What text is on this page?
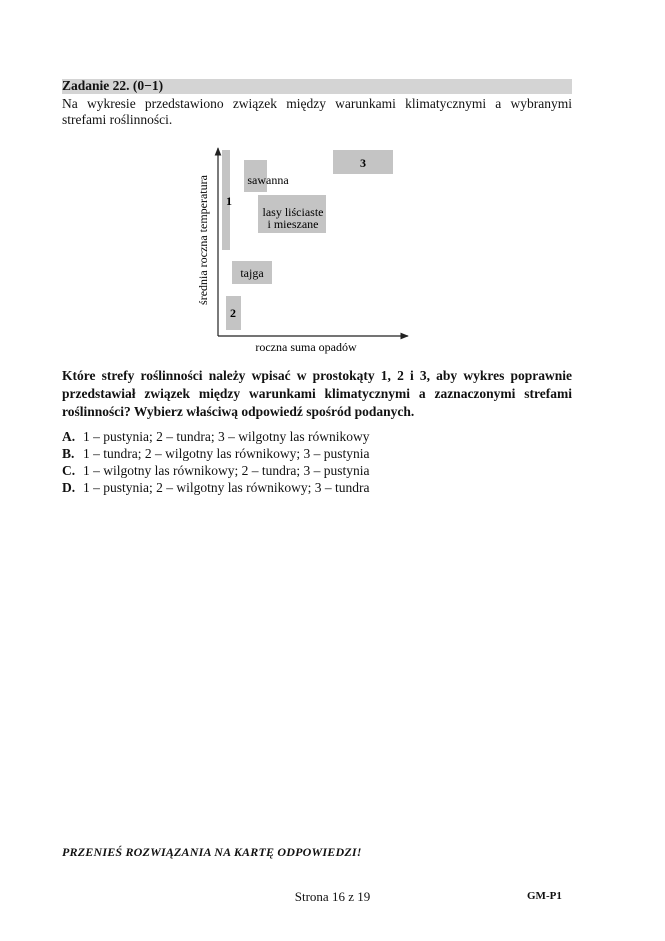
Zadanie 22. (0−1)
Na wykresie przedstawiono związek między warunkami klimatycznymi a wybranymi
strefami roślinności.
1
2
3
sawanna
lasy liściaste
i mieszane
tajga
roczna suma opadów
średnia roczna temperatura
Które strefy roślinności należy wpisać w prostokąty 1, 2 i 3, aby wykres poprawnie
przedstawiał związek między warunkami klimatycznymi a zaznaczonymi strefami
roślinności? Wybierz właściwą odpowiedź spośród podanych.
A. 1 – pustynia; 2 – tundra; 3 – wilgotny las równikowy
B. 1 – tundra; 2 – wilgotny las równikowy; 3 – pustynia
C. 1 – wilgotny las równikowy; 2 – tundra; 3 – pustynia
D. 1 – pustynia; 2 – wilgotny las równikowy; 3 – tundra
PRZENIEŚ ROZWIĄZANIA NA KARTĘ ODPOWIEDZI!
Strona 16 z 19	GM-P1
